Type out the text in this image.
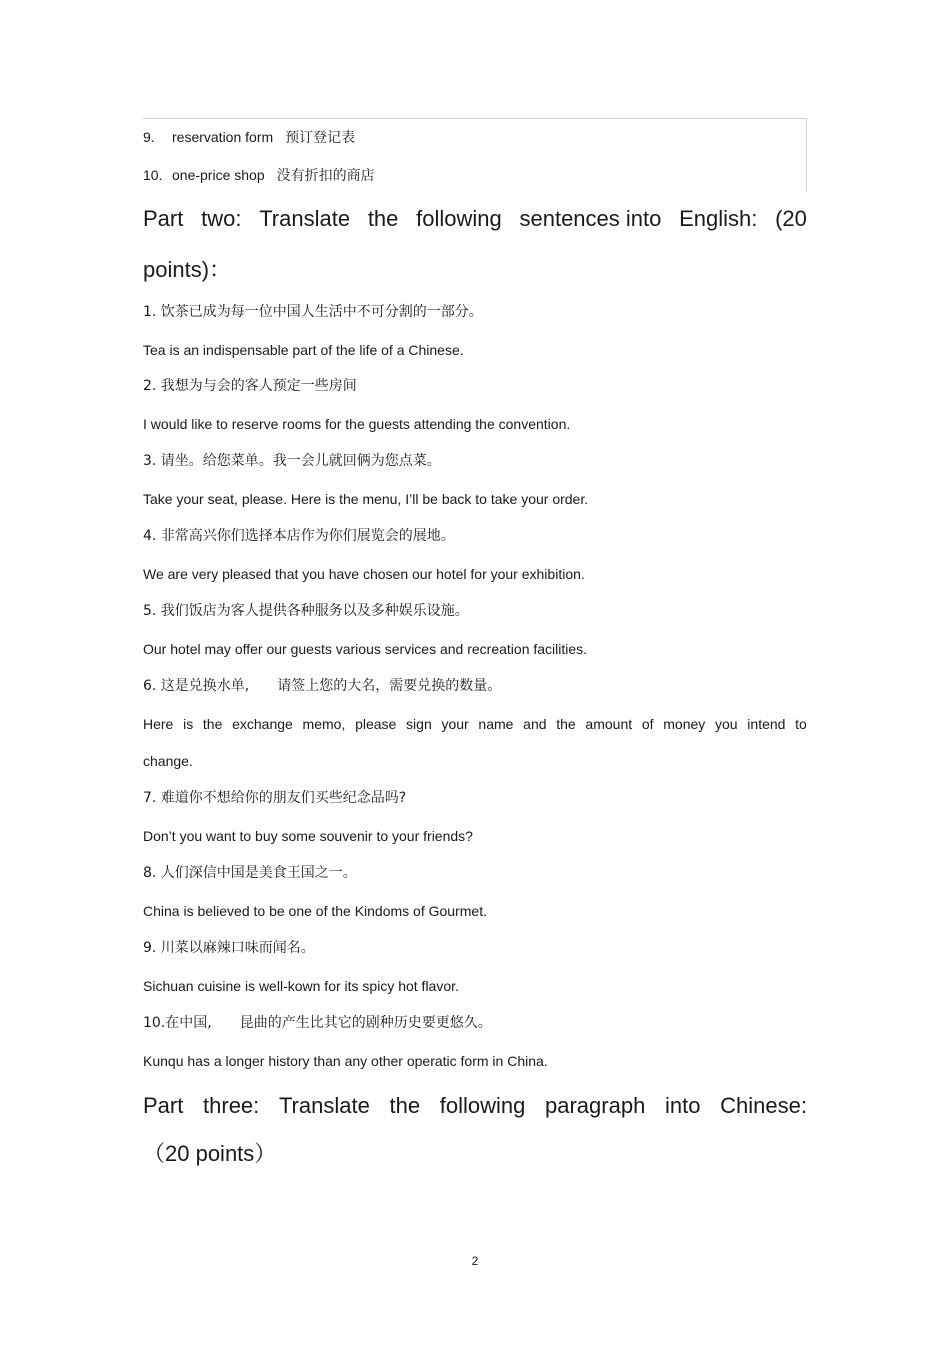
9. reservation form 预订登记表
10. one-price shop 没有折扣的商店
Part two: Translate the following sentences into English: (20
points)：
1. 饮茶已成为每一位中国人生活中不可分割的一部分。
Tea is an indispensable part of the life of a Chinese.
2. 我想为与会的客人预定一些房间
I would like to reserve rooms for the guests attending the convention.
3. 请坐。给您菜单。我一会儿就回俩为您点菜。
Take your seat, please. Here is the menu, I’ll be back to take your order.
4. 非常高兴你们选择本店作为你们展览会的展地。
We are very pleased that you have chosen our hotel for your exhibition.
5. 我们饭店为客人提供各种服务以及多种娱乐设施。
Our hotel may offer our guests various services and recreation facilities.
6. 这是兑换水单,　　请签上您的大名，需要兑换的数量。
Here is the exchange memo, please sign your name and the amount of money you intend to
change.
7. 难道你不想给你的朋友们买些纪念品吗?
Don’t you want to buy some souvenir to your friends?
8. 人们深信中国是美食王国之一。
China is believed to be one of the Kindoms of Gourmet.
9. 川菜以麻辣口味而闻名。
Sichuan cuisine is well-kown for its spicy hot flavor.
10.在中国,　　昆曲的产生比其它的剧种历史要更悠久。
Kunqu has a longer history than any other operatic form in China.
Part three: Translate the following paragraph into Chinese:
（20 points）
2
